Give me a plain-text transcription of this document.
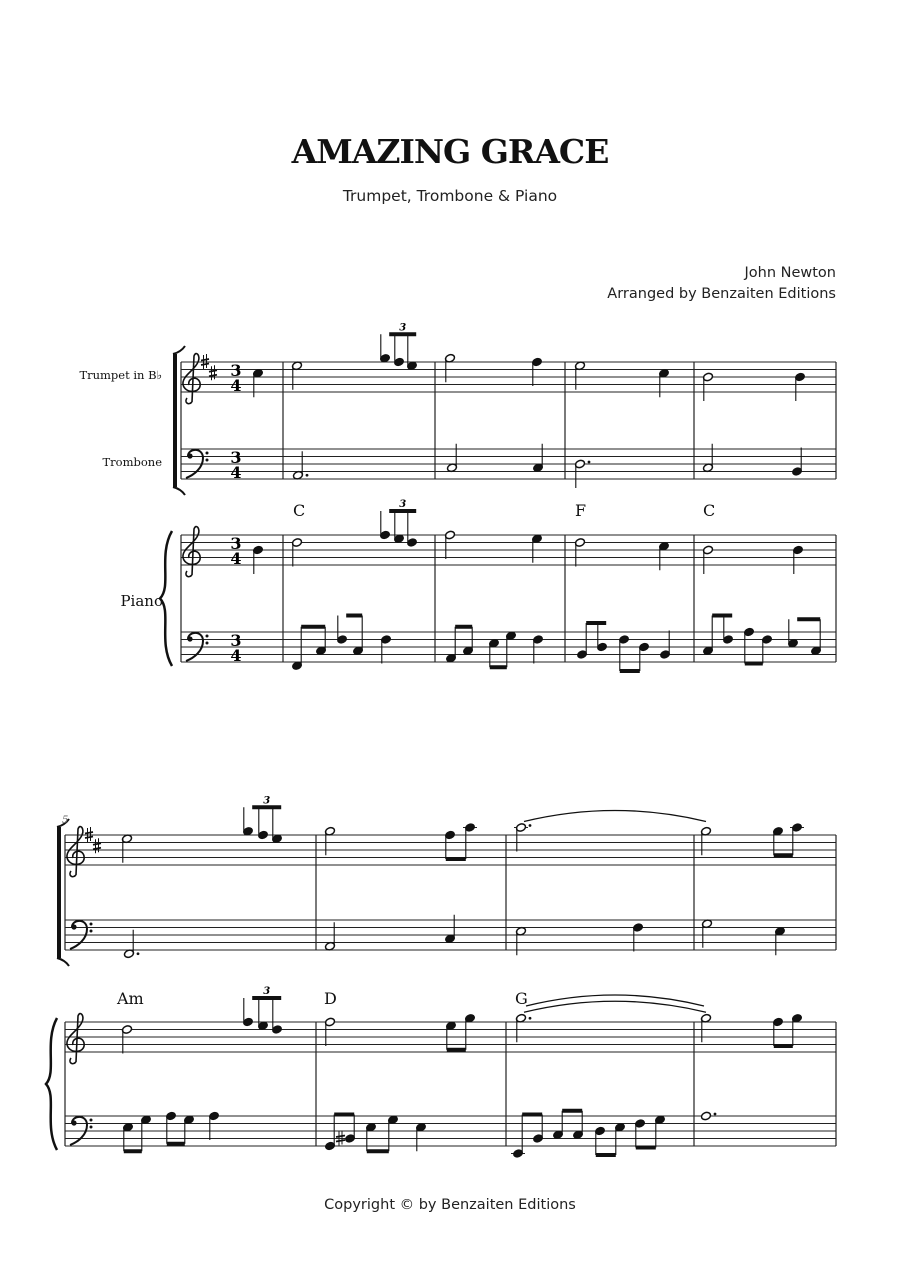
AMAZING GRACE
Trumpet, Trombone & Piano
John Newton
Arranged by Benzaiten Editions
Trumpet in B♭
Trombone
Piano
3
4
3
4
3
4
3
4
3
3
C	F	C
5
3
3
Am	D	G
Copyright © by Benzaiten Editions
